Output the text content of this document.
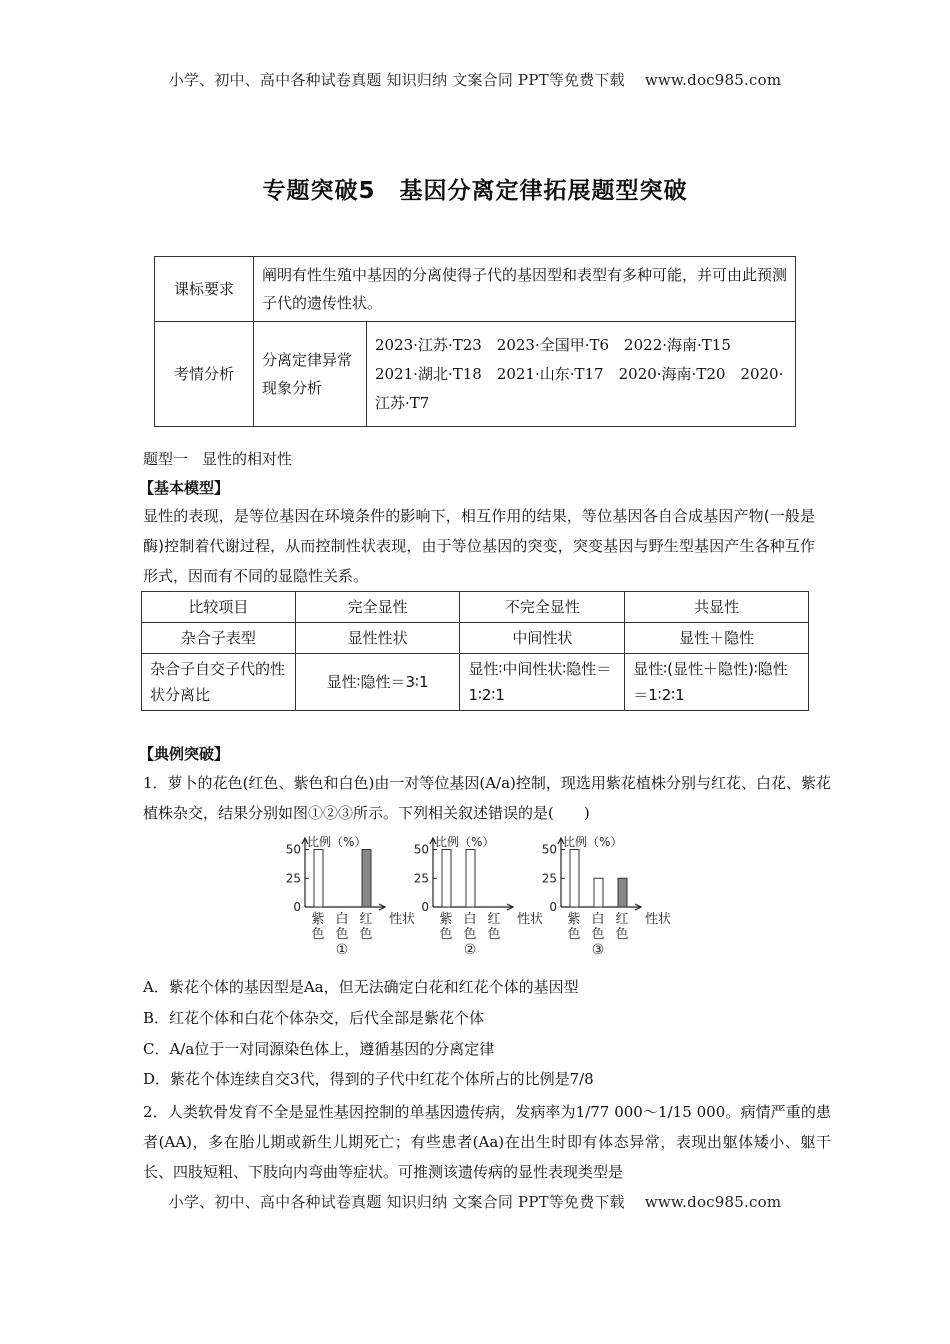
小学、初中、高中各种试卷真题 知识归纳 文案合同 PPT等免费下载 www.doc985.com
专题突破5 基因分离定律拓展题型突破
课标要求	阐明有性生殖中基因的分离使得子代的基因型和表型有多种可能，并可由此预测子代的遗传性状。	
考情分析	分离定律异常现象分析	2023·江苏·T23　2023·全国甲·T6　2022·海南·T15　2021·湖北·T18　2021·山东·T17　2020·海南·T20　2020·江苏·T7
题型一 显性的相对性
【基本模型】
显性的表现，是等位基因在环境条件的影响下，相互作用的结果，等位基因各自合成基因产物(一般是酶)控制着代谢过程，从而控制性状表现，由于等位基因的突变，突变基因与野生型基因产生各种互作形式，因而有不同的显隐性关系。
比较项目	完全显性	不完全显性	共显性
杂合子表型	显性性状	中间性状	显性＋隐性
杂合子自交子代的性状分离比	显性∶隐性＝3∶1	显性∶中间性状∶隐性＝1∶2∶1	显性∶(显性＋隐性)∶隐性＝1∶2∶1
【典例突破】
1．萝卜的花色(红色、紫色和白色)由一对等位基因(A/a)控制，现选用紫花植株分别与红花、白花、紫花植株杂交，结果分别如图①②③所示。下列相关叙述错误的是(　　)
比例（%）
0
25
50
紫
色
白
色
红
色
性状
①
比例（%）
0
25
50
紫
色
白
色
红
色
性状
②
比例（%）
0
25
50
紫
色
白
色
红
色
性状
③
A．紫花个体的基因型是Aa，但无法确定白花和红花个体的基因型
B．红花个体和白花个体杂交，后代全部是紫花个体
C．A/a位于一对同源染色体上，遵循基因的分离定律
D．紫花个体连续自交3代，得到的子代中红花个体所占的比例是7/8
2．人类软骨发育不全是显性基因控制的单基因遗传病，发病率为1/77 000～1/15 000。病情严重的患者(AA)，多在胎儿期或新生儿期死亡；有些患者(Aa)在出生时即有体态异常，表现出躯体矮小、躯干长、四肢短粗、下肢向内弯曲等症状。可推测该遗传病的显性表现类型是
小学、初中、高中各种试卷真题 知识归纳 文案合同 PPT等免费下载 www.doc985.com
